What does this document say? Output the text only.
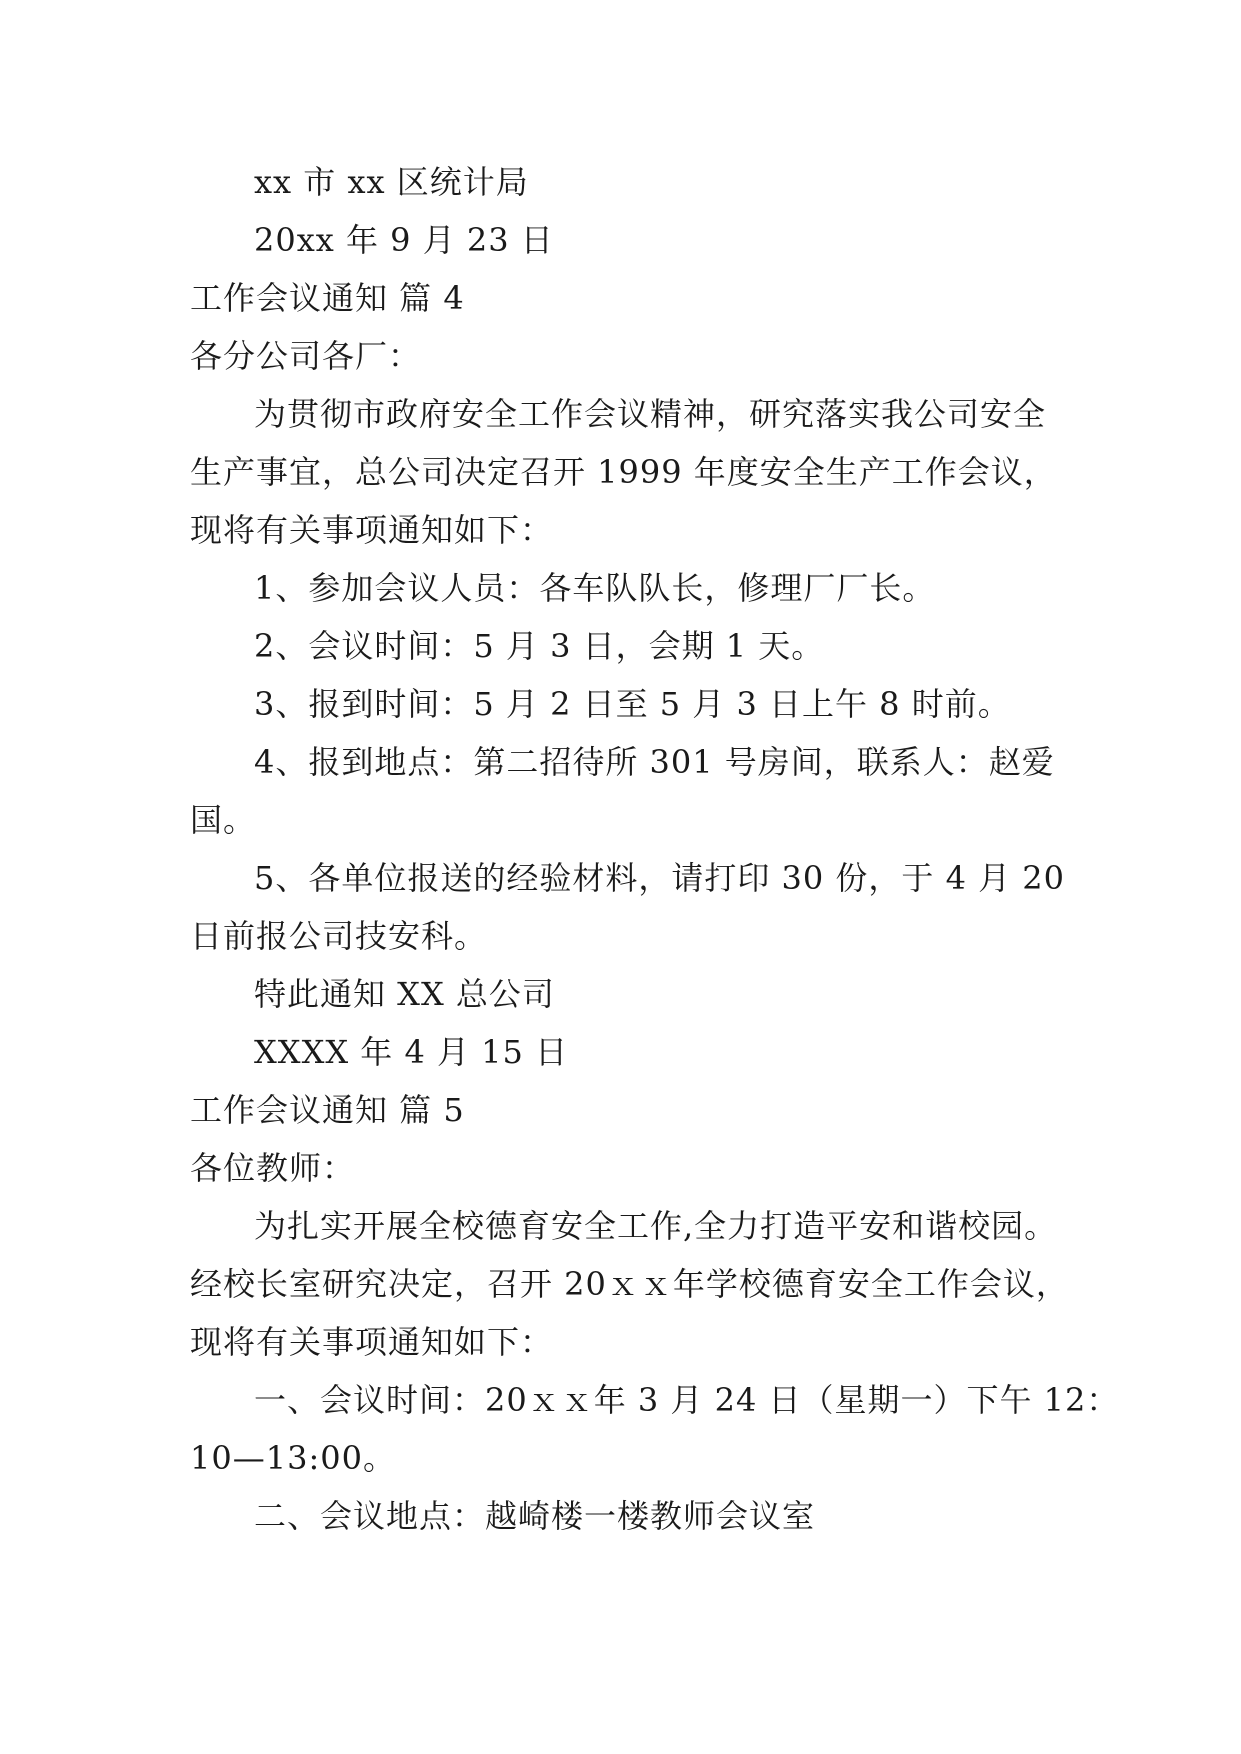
xx 市 xx 区统计局
20xx 年 9 月 23 日
工作会议通知 篇 4
各分公司各厂：
为贯彻市政府安全工作会议精神，研究落实我公司安全
生产事宜，总公司决定召开 1999 年度安全生产工作会议，
现将有关事项通知如下：
1、参加会议人员：各车队队长，修理厂厂长。
2、会议时间：5 月 3 日，会期 1 天。
3、报到时间：5 月 2 日至 5 月 3 日上午 8 时前。
4、报到地点：第二招待所 301 号房间，联系人：赵爱
国。
5、各单位报送的经验材料，请打印 30 份，于 4 月 20
日前报公司技安科。
特此通知 XX 总公司
XXXX 年 4 月 15 日
工作会议通知 篇 5
各位教师：
为扎实开展全校德育安全工作,全力打造平安和谐校园。
经校长室研究决定，召开 20ｘｘ年学校德育安全工作会议，
现将有关事项通知如下：
一、会议时间：20ｘｘ年 3 月 24 日（星期一）下午 12：
10—13:00。
二、会议地点：越崎楼一楼教师会议室
